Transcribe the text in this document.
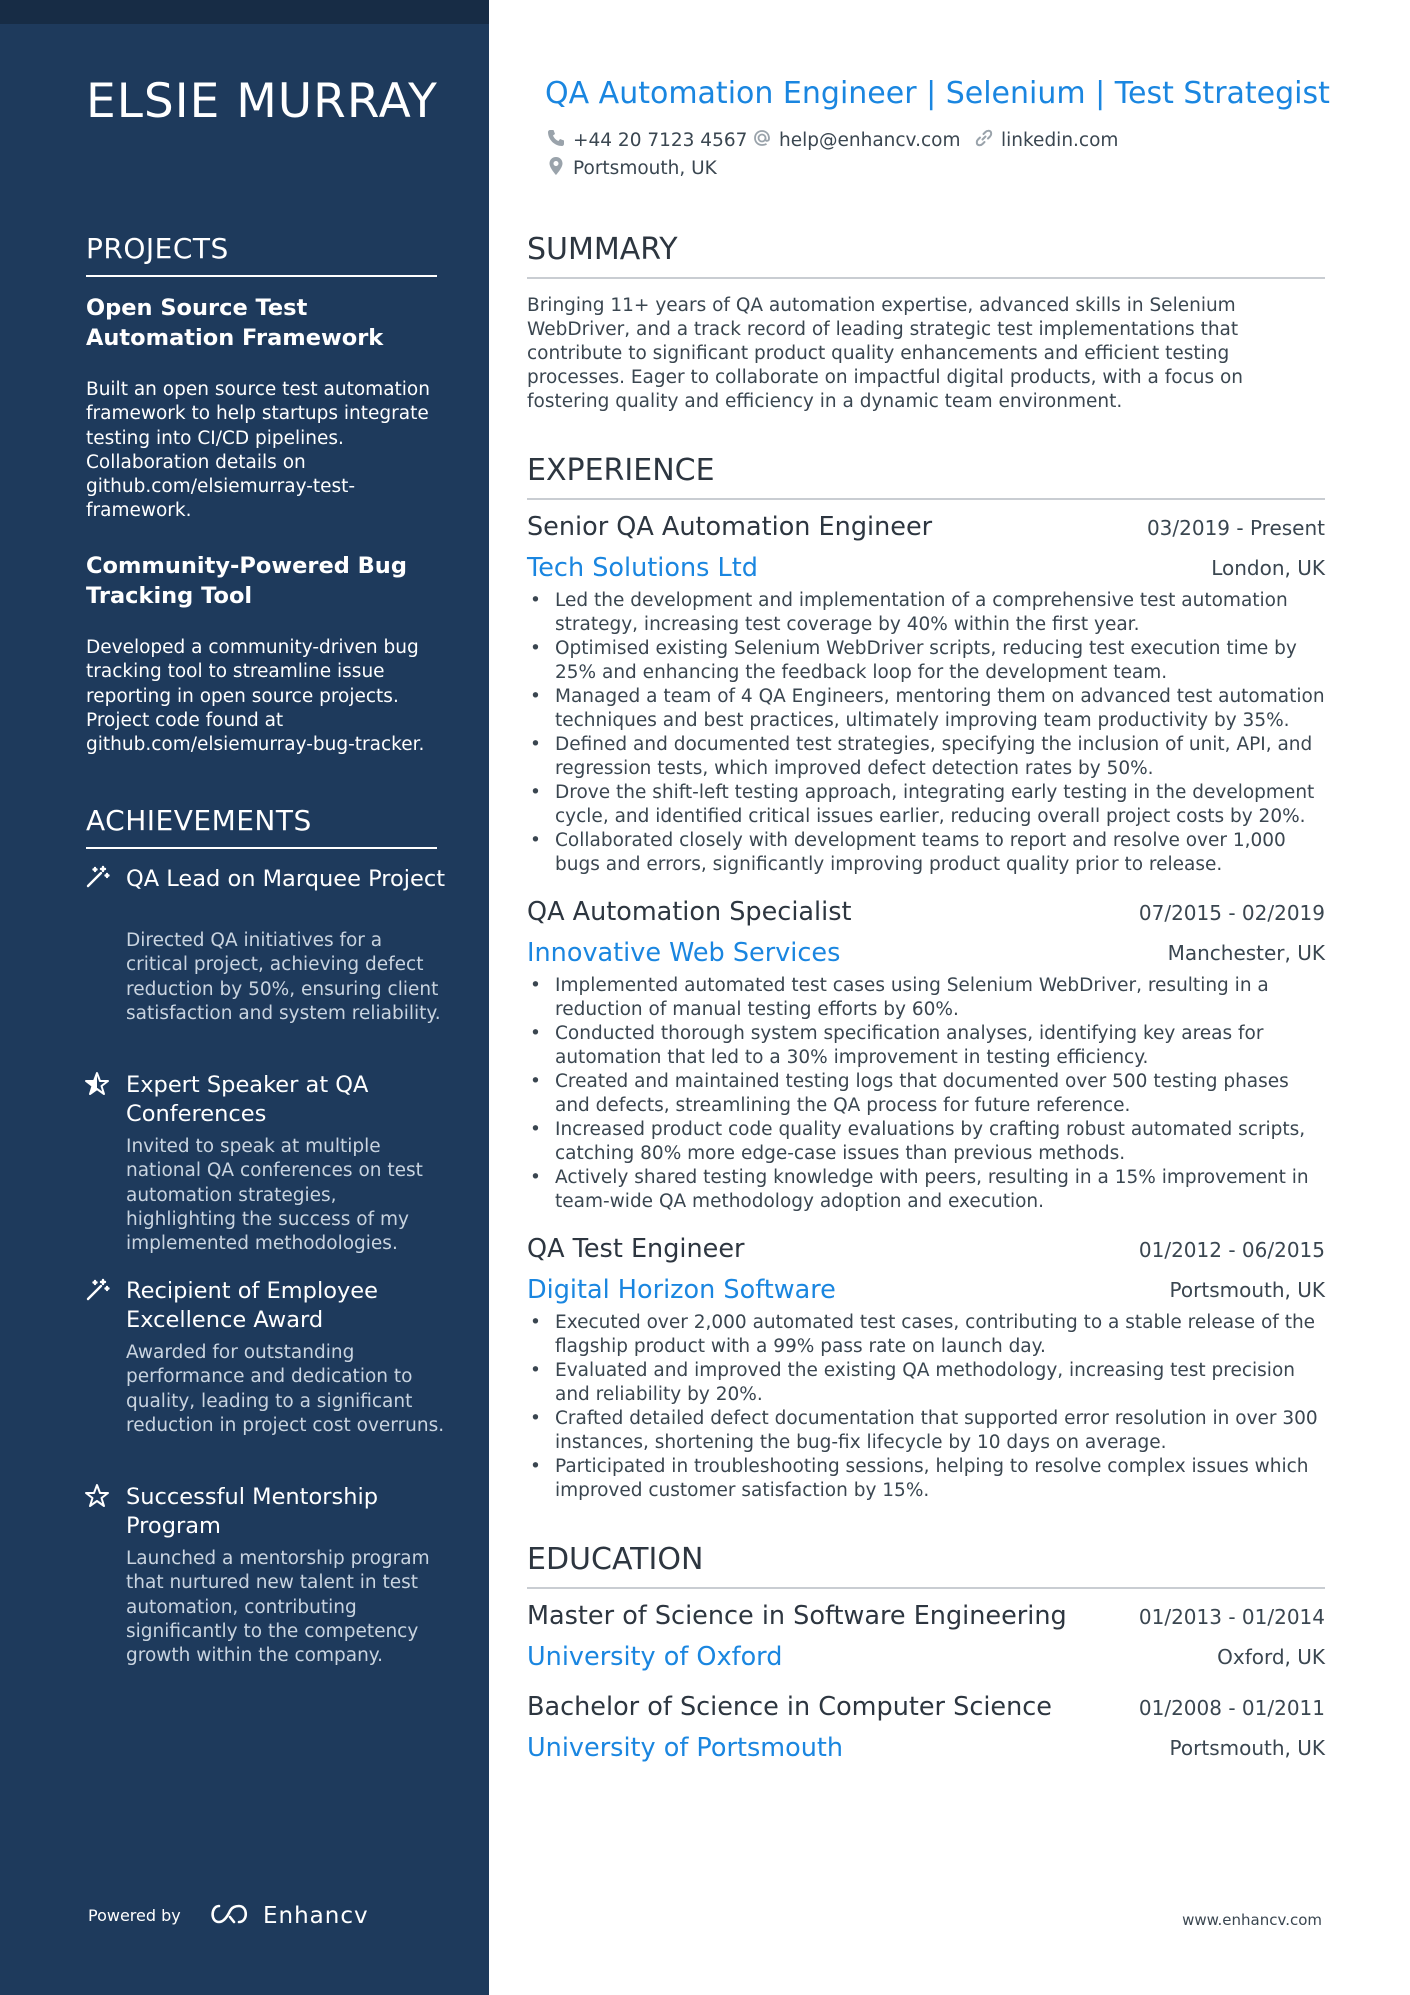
ELSIE MURRAY
PROJECTS
Open Source Test Automation Framework
Built an open source test automation framework to help startups integrate testing into CI/CD pipelines. Collaboration details on github.com/elsiemurray-test-framework.
Community-Powered Bug Tracking Tool
Developed a community-driven bug tracking tool to streamline issue reporting in open source projects. Project code found at github.com/elsiemurray-bug-tracker.
ACHIEVEMENTS
QA Lead on Marquee Project
Directed QA initiatives for a critical project, achieving defect reduction by 50%, ensuring client satisfaction and system reliability.
Expert Speaker at QA Conferences
Invited to speak at multiple national QA conferences on test automation strategies, highlighting the success of my implemented methodologies.
Recipient of Employee Excellence Award
Awarded for outstanding performance and dedication to quality, leading to a significant reduction in project cost overruns.
Successful Mentorship Program
Launched a mentorship program that nurtured new talent in test automation, contributing significantly to the competency growth within the company.
Powered by	Enhancv
QA Automation Engineer | Selenium | Test Strategist
+44 20 7123 4567 help@enhancv.com linkedin.com
Portsmouth, UK
SUMMARY
Bringing 11+ years of QA automation expertise, advanced skills in Selenium WebDriver, and a track record of leading strategic test implementations that contribute to significant product quality enhancements and efficient testing processes. Eager to collaborate on impactful digital products, with a focus on fostering quality and efficiency in a dynamic team environment.
EXPERIENCE
Senior QA Automation Engineer	03/2019 - Present
Tech Solutions Ltd	London, UK
• Led the development and implementation of a comprehensive test automation strategy, increasing test coverage by 40% within the first year.
• Optimised existing Selenium WebDriver scripts, reducing test execution time by 25% and enhancing the feedback loop for the development team.
• Managed a team of 4 QA Engineers, mentoring them on advanced test automation techniques and best practices, ultimately improving team productivity by 35%.
• Defined and documented test strategies, specifying the inclusion of unit, API, and regression tests, which improved defect detection rates by 50%.
• Drove the shift-left testing approach, integrating early testing in the development cycle, and identified critical issues earlier, reducing overall project costs by 20%.
• Collaborated closely with development teams to report and resolve over 1,000 bugs and errors, significantly improving product quality prior to release.
QA Automation Specialist	07/2015 - 02/2019
Innovative Web Services	Manchester, UK
• Implemented automated test cases using Selenium WebDriver, resulting in a reduction of manual testing efforts by 60%.
• Conducted thorough system specification analyses, identifying key areas for automation that led to a 30% improvement in testing efficiency.
• Created and maintained testing logs that documented over 500 testing phases and defects, streamlining the QA process for future reference.
• Increased product code quality evaluations by crafting robust automated scripts, catching 80% more edge-case issues than previous methods.
• Actively shared testing knowledge with peers, resulting in a 15% improvement in team-wide QA methodology adoption and execution.
QA Test Engineer	01/2012 - 06/2015
Digital Horizon Software	Portsmouth, UK
• Executed over 2,000 automated test cases, contributing to a stable release of the flagship product with a 99% pass rate on launch day.
• Evaluated and improved the existing QA methodology, increasing test precision and reliability by 20%.
• Crafted detailed defect documentation that supported error resolution in over 300 instances, shortening the bug-fix lifecycle by 10 days on average.
• Participated in troubleshooting sessions, helping to resolve complex issues which improved customer satisfaction by 15%.
EDUCATION
Master of Science in Software Engineering	01/2013 - 01/2014
University of Oxford	Oxford, UK
Bachelor of Science in Computer Science	01/2008 - 01/2011
University of Portsmouth	Portsmouth, UK
www.enhancv.com
